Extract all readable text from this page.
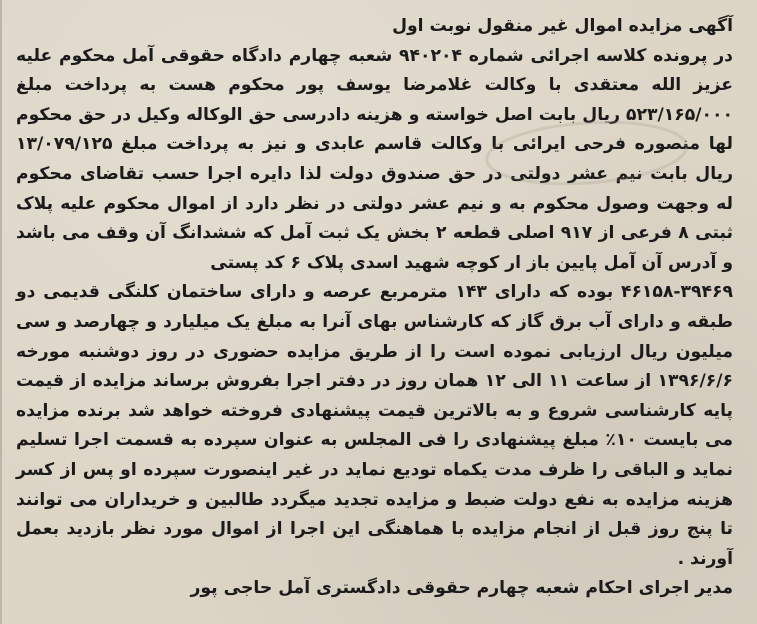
آگهی مزایده اموال غیر منقول نوبت اول

در پرونده کلاسه اجرائی شماره ۹۴۰۲۰۴ شعبه چهارم دادگاه حقوقی آمل محکوم علیه عزیز الله معتقدی با وکالت غلامرضا یوسف پور محکوم هست به پرداخت مبلغ ۵۲۳/۱۶۵/۰۰۰ ریال بابت اصل خواسته و هزینه دادرسی حق الوکاله وکیل در حق محکوم لها منصوره فرحی ایرائی با وکالت قاسم عابدی و نیز به پرداخت مبلغ ۱۳/۰۷۹/۱۲۵ ریال بابت نیم عشر دولتی در حق صندوق دولت لذا دایره اجرا حسب تقاضای محکوم له وجهت وصول محکوم به و نیم عشر دولتی در نظر دارد از اموال محکوم علیه پلاک ثبتی ۸ فرعی از ۹۱۷ اصلی قطعه ۲ بخش یک ثبت آمل که ششدانگ آن وقف می باشد و آدرس آن آمل پایین باز ار کوچه شهید اسدی پلاک ۶ کد پستی

۴۶۱۵۸-۳۹۴۶۹ بوده که دارای ۱۴۳ مترمربع عرصه و دارای ساختمان کلنگی قدیمی دو طبقه و دارای آب برق گاز که کارشناس بهای آنرا به مبلغ یک میلیارد و چهارصد و سی میلیون ریال ارزیابی نموده است را از طریق مزایده حضوری در روز دوشنبه مورخه ۱۳۹۶/۶/۶ از ساعت ۱۱ الی ۱۲ همان روز در دفتر اجرا بفروش برساند مزایده از قیمت پایه کارشناسی شروع و به بالاترین قیمت پیشنهادی فروخته خواهد شد برنده مزایده می بایست ۱۰٪ مبلغ پیشنهادی را فی المجلس به عنوان سپرده به قسمت اجرا تسلیم نماید و الباقی را ظرف مدت یکماه تودیع نماید در غیر اینصورت سپرده او پس از کسر هزینه مزایده به نفع دولت ضبط و مزایده تجدید میگردد طالبین و خریداران می توانند تا پنج روز قبل از انجام مزایده با هماهنگی این اجرا از اموال مورد نظر بازدید بعمل آورند .

مدیر اجرای احکام شعبه چهارم حقوقی دادگستری آمل حاجی پور
